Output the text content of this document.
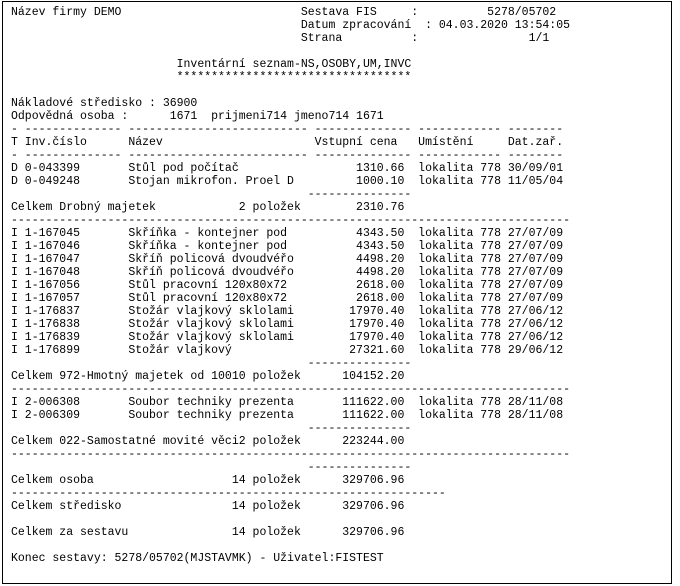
Název firmy DEMO                          Sestava FIS     :          5278/05702
Datum zpracování  : 04.03.2020 13:54:05
Strana          :                1/1
Inventární seznam-NS,OSOBY,UM,INVC
**********************************
Nákladové středisko : 36900
Odpovědná osoba :      1671  prijmeni714 jmeno714 1671
- -------------- -------------------------- -------------- ------------ --------
T Inv.číslo      Název                      Vstupní cena   Umístění     Dat.zař.
- -------------- -------------------------- -------------- ------------ --------
D 0-043399       Stůl pod počítač                 1310.66  lokalita 778 30/09/01
D 0-049248       Stojan mikrofon. Proel D         1000.10  lokalita 778 11/05/04
---------------
Celkem Drobný majetek            2 položek        2310.76
---------------------------------------------------------------------------------
I 1-167045       Skříňka - kontejner pod          4343.50  lokalita 778 27/07/09
I 1-167046       Skříňka - kontejner pod          4343.50  lokalita 778 27/07/09
I 1-167047       Skříň policová dvoudvéřo         4498.20  lokalita 778 27/07/09
I 1-167048       Skříň policová dvoudvéřo         4498.20  lokalita 778 27/07/09
I 1-167056       Stůl pracovní 120x80x72          2618.00  lokalita 778 27/07/09
I 1-167057       Stůl pracovní 120x80x72          2618.00  lokalita 778 27/07/09
I 1-176837       Stožár vlajkový sklolami        17970.40  lokalita 778 27/06/12
I 1-176838       Stožár vlajkový sklolami        17970.40  lokalita 778 27/06/12
I 1-176839       Stožár vlajkový sklolami        17970.40  lokalita 778 27/06/12
I 1-176899       Stožár vlajkový                 27321.60  lokalita 778 29/06/12
---------------
Celkem 972-Hmotný majetek od 10010 položek      104152.20
---------------------------------------------------------------------------------
I 2-006308       Soubor techniky prezenta       111622.00  lokalita 778 28/11/08
I 2-006309       Soubor techniky prezenta       111622.00  lokalita 778 28/11/08
---------------
Celkem 022-Samostatné movité věci2 položek      223244.00
---------------------------------------------------------------------------------
---------------
Celkem osoba                    14 položek      329706.96
---------------------------------------------------------------
Celkem středisko                14 položek      329706.96
Celkem za sestavu               14 položek      329706.96
Konec sestavy: 5278/05702(MJSTAVMK) - Uživatel:FISTEST
